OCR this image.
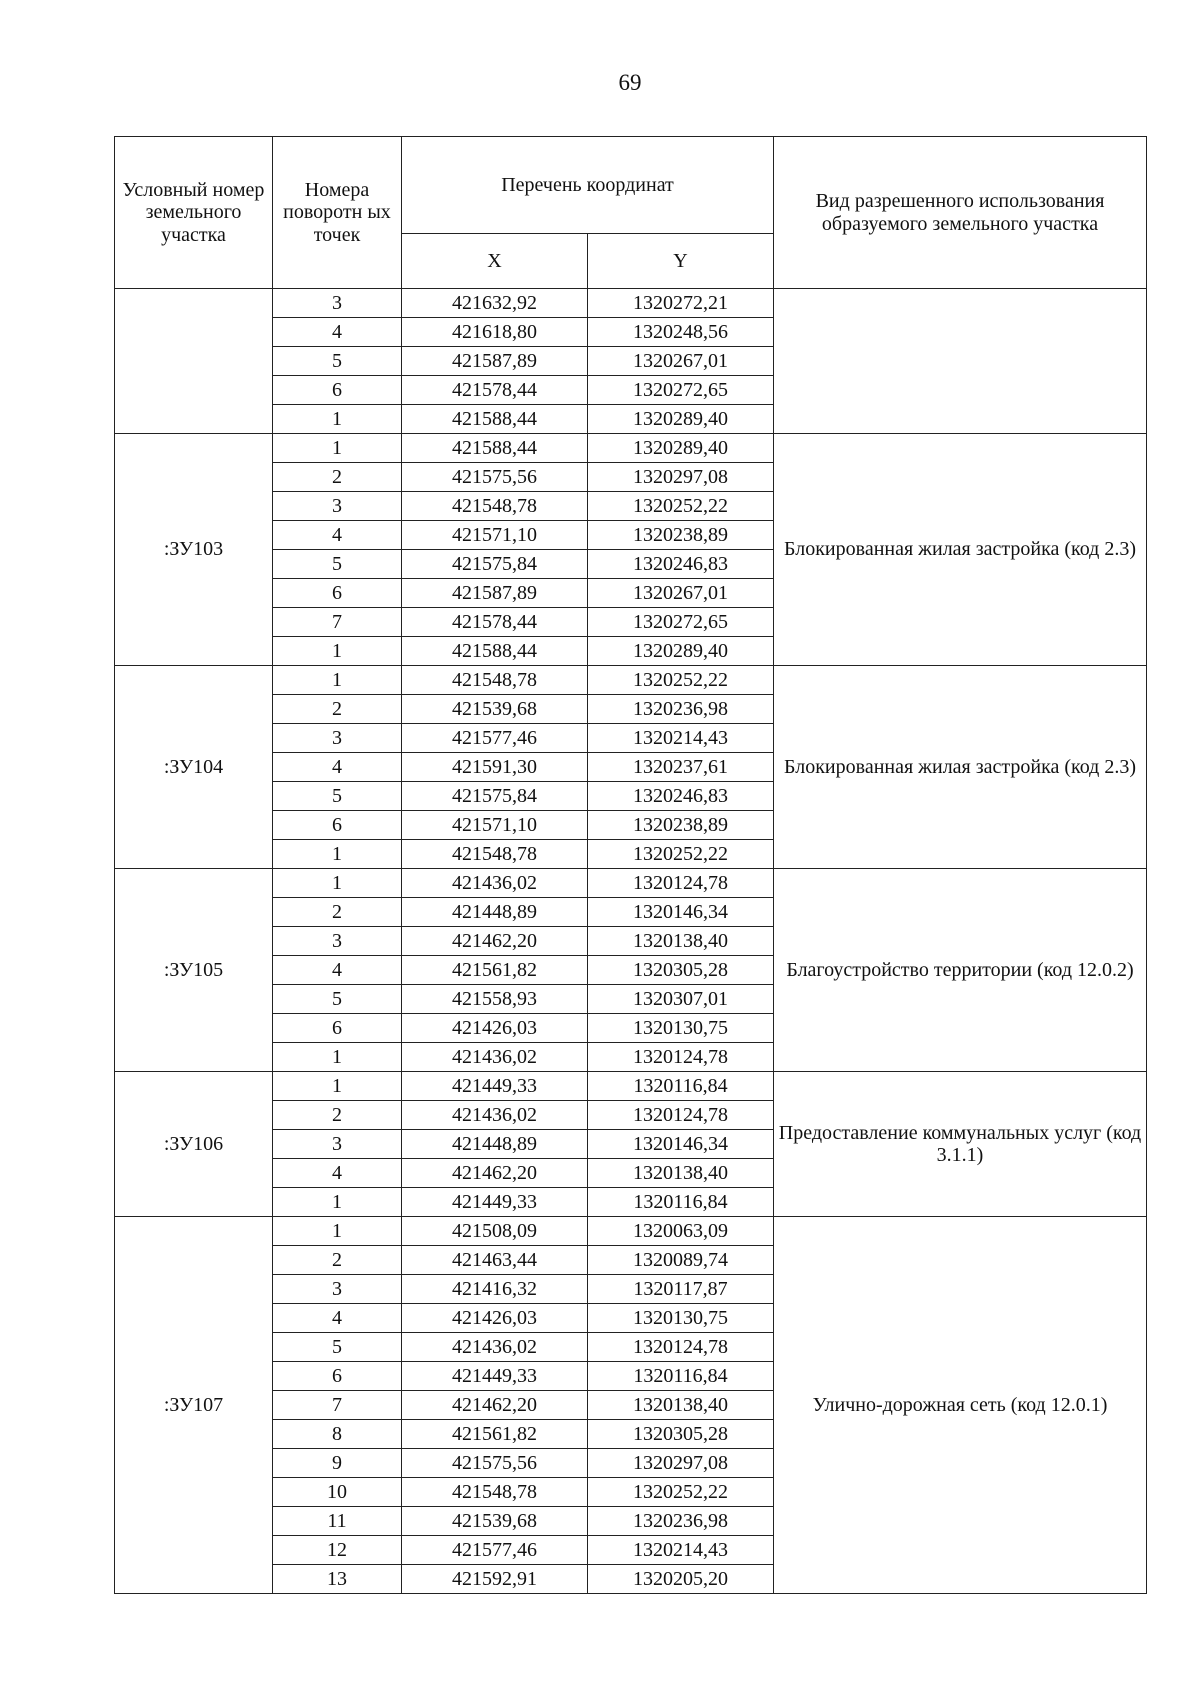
69
Условный номер земельного участка	Номера поворотн ых точек	Перечень координат		Вид разрешенного использования образуемого земельного участка
		X	Y	
	3	421632,92	1320272,21	
	4	421618,80	1320248,56	
	5	421587,89	1320267,01	
	6	421578,44	1320272,65	
	1	421588,44	1320289,40	
:ЗУ103	1	421588,44	1320289,40	Блокированная жилая застройка (код 2.3)
	2	421575,56	1320297,08	
	3	421548,78	1320252,22	
	4	421571,10	1320238,89	
	5	421575,84	1320246,83	
	6	421587,89	1320267,01	
	7	421578,44	1320272,65	
	1	421588,44	1320289,40	
:ЗУ104	1	421548,78	1320252,22	Блокированная жилая застройка (код 2.3)
	2	421539,68	1320236,98	
	3	421577,46	1320214,43	
	4	421591,30	1320237,61	
	5	421575,84	1320246,83	
	6	421571,10	1320238,89	
	1	421548,78	1320252,22	
:ЗУ105	1	421436,02	1320124,78	Благоустройство территории (код 12.0.2)
	2	421448,89	1320146,34	
	3	421462,20	1320138,40	
	4	421561,82	1320305,28	
	5	421558,93	1320307,01	
	6	421426,03	1320130,75	
	1	421436,02	1320124,78	
:ЗУ106	1	421449,33	1320116,84	Предоставление коммунальных услуг (код 3.1.1)
	2	421436,02	1320124,78	
	3	421448,89	1320146,34	
	4	421462,20	1320138,40	
	1	421449,33	1320116,84	
:ЗУ107	1	421508,09	1320063,09	Улично-дорожная сеть (код 12.0.1)
	2	421463,44	1320089,74	
	3	421416,32	1320117,87	
	4	421426,03	1320130,75	
	5	421436,02	1320124,78	
	6	421449,33	1320116,84	
	7	421462,20	1320138,40	
	8	421561,82	1320305,28	
	9	421575,56	1320297,08	
	10	421548,78	1320252,22	
	11	421539,68	1320236,98	
	12	421577,46	1320214,43	
	13	421592,91	1320205,20	
